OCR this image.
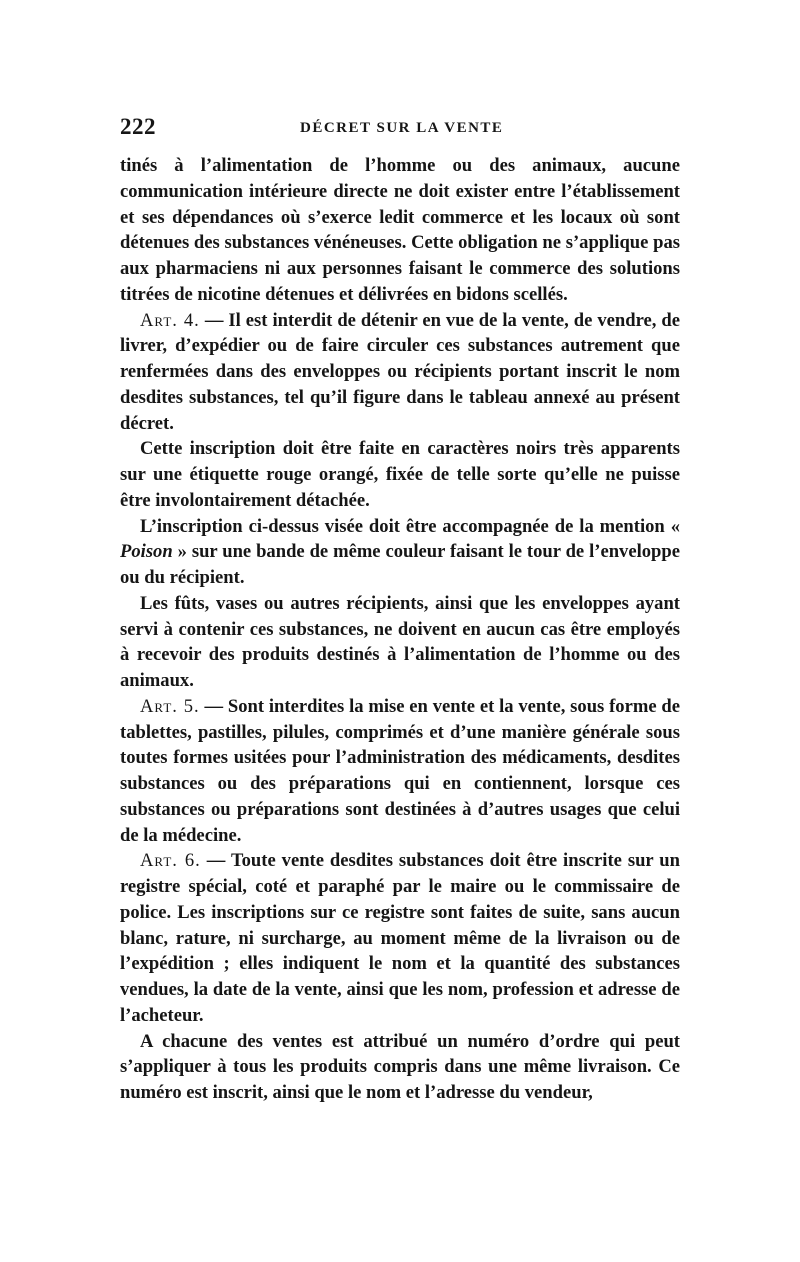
222	DÉCRET SUR LA VENTE

tinés à l’alimentation de l’homme ou des animaux, aucune communication intérieure directe ne doit exister entre l’établissement et ses dépendances où s’exerce ledit commerce et les locaux où sont détenues des substances vénéneuses. Cette obligation ne s’applique pas aux pharmaciens ni aux personnes faisant le commerce des solutions titrées de nicotine détenues et délivrées en bidons scellés.

Art. 4. — Il est interdit de détenir en vue de la vente, de vendre, de livrer, d’expédier ou de faire circuler ces substances autrement que renfermées dans des enveloppes ou récipients portant inscrit le nom desdites substances, tel qu’il figure dans le tableau annexé au présent décret.

Cette inscription doit être faite en caractères noirs très apparents sur une étiquette rouge orangé, fixée de telle sorte qu’elle ne puisse être involontairement détachée.

L’inscription ci-dessus visée doit être accompagnée de la mention « Poison » sur une bande de même couleur faisant le tour de l’enveloppe ou du récipient.

Les fûts, vases ou autres récipients, ainsi que les enveloppes ayant servi à contenir ces substances, ne doivent en aucun cas être employés à recevoir des produits destinés à l’alimentation de l’homme ou des animaux.

Art. 5. — Sont interdites la mise en vente et la vente, sous forme de tablettes, pastilles, pilules, comprimés et d’une manière générale sous toutes formes usitées pour l’administration des médicaments, desdites substances ou des préparations qui en contiennent, lorsque ces substances ou préparations sont destinées à d’autres usages que celui de la médecine.

Art. 6. — Toute vente desdites substances doit être inscrite sur un registre spécial, coté et paraphé par le maire ou le commissaire de police. Les inscriptions sur ce registre sont faites de suite, sans aucun blanc, rature, ni surcharge, au moment même de la livraison ou de l’expédition ; elles indiquent le nom et la quantité des substances vendues, la date de la vente, ainsi que les nom, profession et adresse de l’acheteur.

A chacune des ventes est attribué un numéro d’ordre qui peut s’appliquer à tous les produits compris dans une même livraison. Ce numéro est inscrit, ainsi que le nom et l’adresse du vendeur,
